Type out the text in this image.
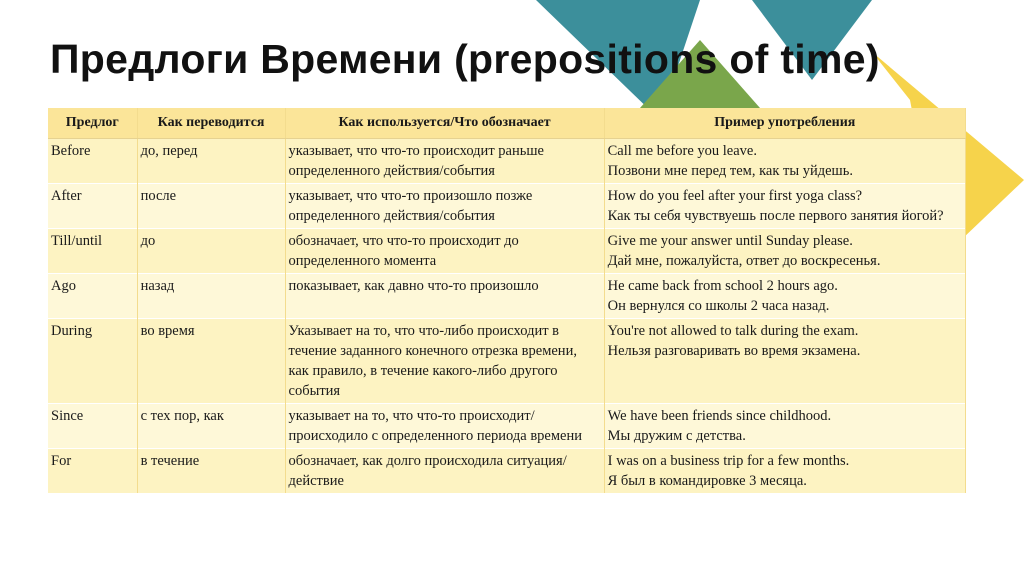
Предлоги Времени (prepositions of time)
Предлог	Как переводится	Как используется/Что обозначает	Пример употребления
Before	до, перед	указывает, что что-то происходит раньше определенного действия/события	Call me before you leave.
Позвони мне перед тем, как ты уйдешь.

After	после	указывает, что что-то произошло позже определенного действия/события	How do you feel after your first yoga class?
Как ты себя чувствуешь после первого занятия йогой?

Till/until	до	обозначает, что что-то происходит до определенного момента	Give me your answer until Sunday please.
Дай мне, пожалуйста, ответ до воскресенья.

Ago	назад	показывает, как давно что-то произошло	He came back from school 2 hours ago.
Он вернулся со школы 2 часа назад.

During	во время	Указывает на то, что что-либо происходит в течение заданного конечного отрезка времени, как правило, в течение какого-либо другого события	You're not allowed to talk during the exam.
Нельзя разговаривать во время экзамена.

Since	с тех пор, как	указывает на то, что что-то происходит/происходило с определенного периода времени	We have been friends since childhood.
Мы дружим с детства.

For	в течение	обозначает, как долго происходила ситуация/действие	I was on a business trip for a few months.
Я был в командировке 3 месяца.
